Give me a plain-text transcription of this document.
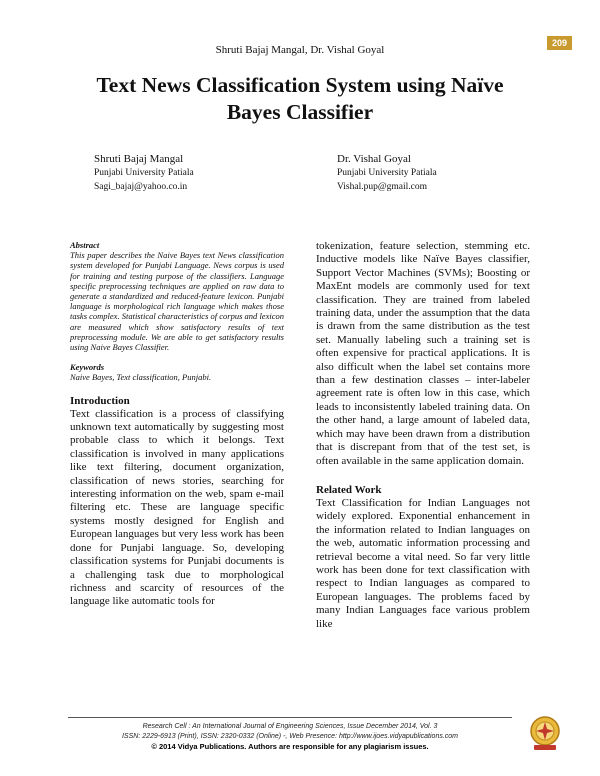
209
Shruti Bajaj Mangal, Dr. Vishal Goyal
Text News Classification System using Naïve Bayes Classifier
Shruti Bajaj Mangal
Punjabi University Patiala
Sagi_bajaj@yahoo.co.in
Dr. Vishal Goyal
Punjabi University Patiala
Vishal.pup@gmail.com

Abstract

This paper describes the Naive Bayes text News classification system developed for Punjabi Language. News corpus is used for training and testing purpose of the classifiers. Language specific preprocessing techniques are applied on raw data to generate a standardized and reduced-feature lexicon. Punjabi language is morphological rich language which makes those tasks complex. Statistical characteristics of corpus and lexicon are measured which show satisfactory results of text preprocessing module. We are able to get satisfactory results using Naive Bayes Classifier.

Keywords

Naive Bayes, Text classification, Punjabi.

Introduction

Text classification is a process of classifying unknown text automatically by suggesting most probable class to which it belongs. Text classification is involved in many applications like text filtering, document organization, classification of news stories, searching for interesting information on the web, spam e-mail filtering etc. These are language specific systems mostly designed for English and European languages but very less work has been done for Punjabi language. So, developing classification systems for Punjabi documents is a challenging task due to morphological richness and scarcity of resources of the language like automatic tools for

tokenization, feature selection, stemming etc. Inductive models like Naïve Bayes classifier, Support Vector Machines (SVMs); Boosting or MaxEnt models are commonly used for text classification. They are trained from labeled training data, under the assumption that the data is drawn from the same distribution as the test set. Manually labeling such a training set is often expensive for practical applications. It is also difficult when the label set contains more than a few destination classes – inter-labeler agreement rate is often low in this case, which leads to inconsistently labeled training data. On the other hand, a large amount of labeled data, which may have been drawn from a distribution that is discrepant from that of the test set, is often available in the same application domain.

Related Work

Text Classification for Indian Languages not widely explored. Exponential enhancement in the information related to Indian languages on the web, automatic information processing and retrieval become a vital need. So far very little work has been done for text classification with respect to Indian languages as compared to European languages. The problems faced by many Indian Languages face various problem like

Research Cell : An International Journal of Engineering Sciences, Issue December 2014, Vol. 3
ISSN: 2229-6913 (Print), ISSN: 2320-0332 (Online) -, Web Presence: http://www.ijoes.vidyapublications.com
© 2014 Vidya Publications. Authors are responsible for any plagiarism issues.
